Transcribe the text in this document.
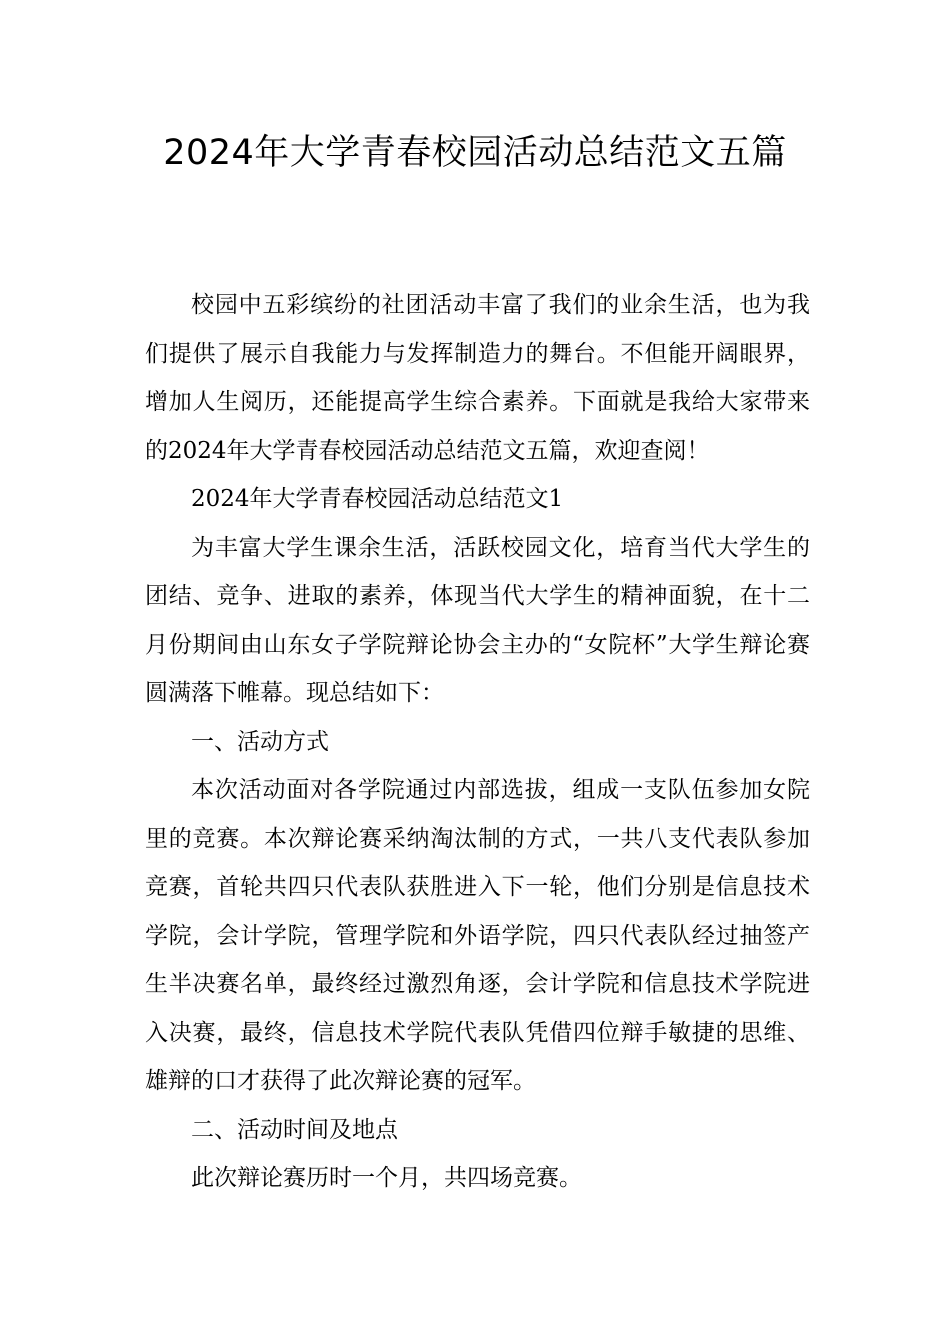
2024年大学青春校园活动总结范文五篇

校园中五彩缤纷的社团活动丰富了我们的业余生活，也为我们提供了展示自我能力与发挥制造力的舞台。不但能开阔眼界，增加人生阅历，还能提高学生综合素养。下面就是我给大家带来的2024年大学青春校园活动总结范文五篇，欢迎查阅！

2024年大学青春校园活动总结范文1

为丰富大学生课余生活，活跃校园文化，培育当代大学生的团结、竞争、进取的素养，体现当代大学生的精神面貌，在十二月份期间由山东女子学院辩论协会主办的“女院杯”大学生辩论赛圆满落下帷幕。现总结如下：

一、活动方式

本次活动面对各学院通过内部选拔，组成一支队伍参加女院里的竞赛。本次辩论赛采纳淘汰制的方式，一共八支代表队参加竞赛，首轮共四只代表队获胜进入下一轮，他们分别是信息技术学院，会计学院，管理学院和外语学院，四只代表队经过抽签产生半决赛名单，最终经过激烈角逐，会计学院和信息技术学院进入决赛，最终，信息技术学院代表队凭借四位辩手敏捷的思维、雄辩的口才获得了此次辩论赛的冠军。

二、活动时间及地点

此次辩论赛历时一个月，共四场竞赛。
